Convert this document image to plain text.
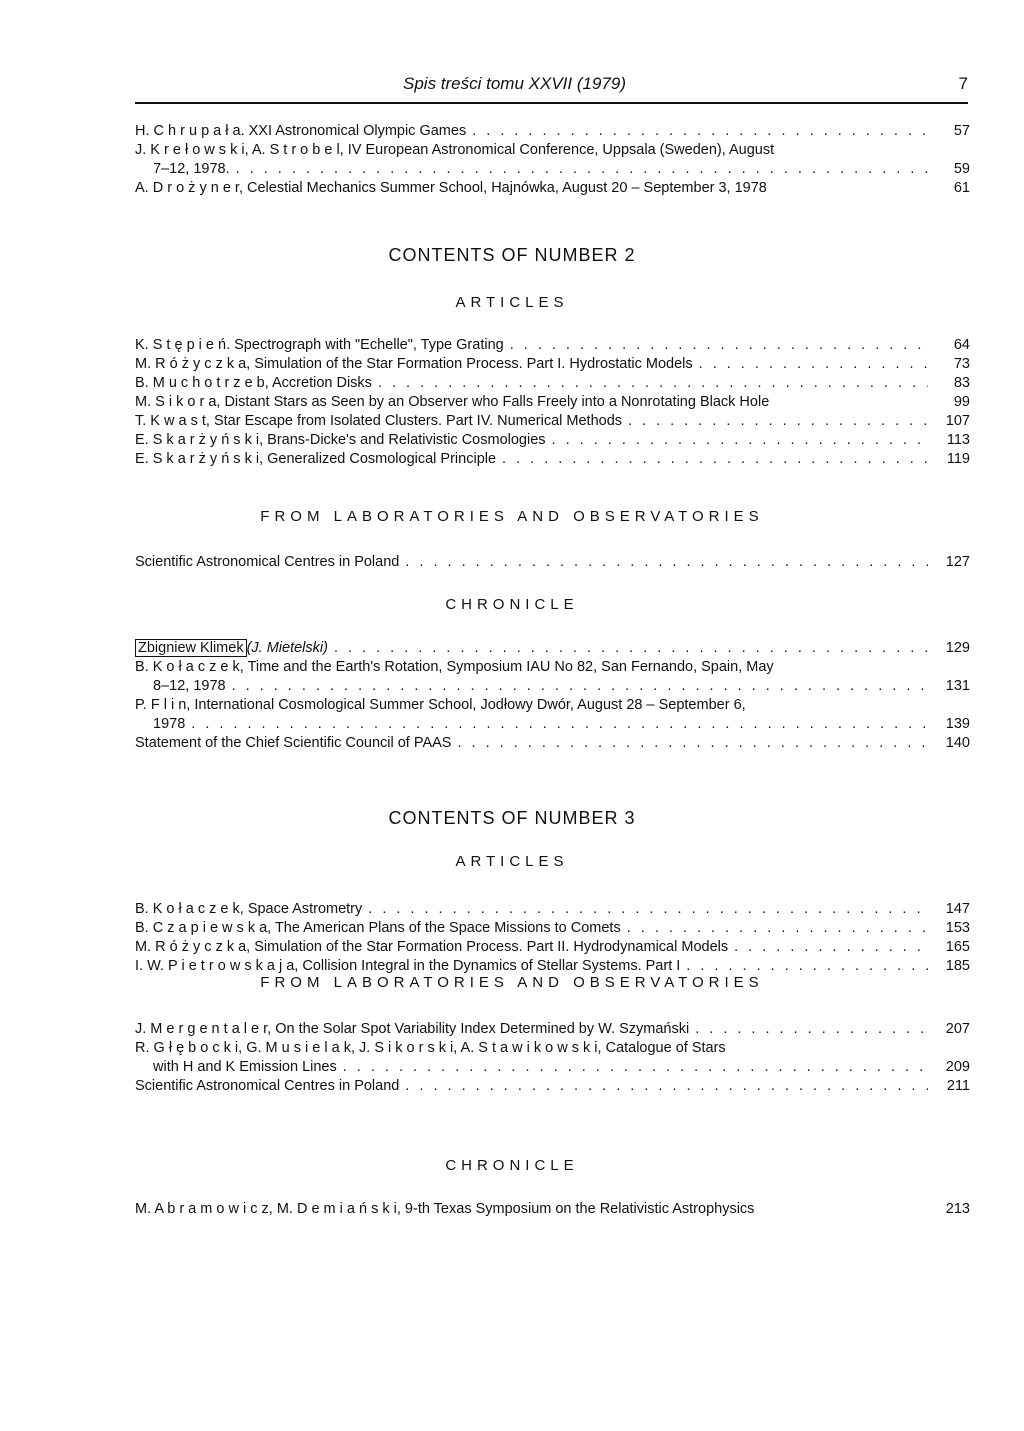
Spis treści tomu XXVII (1979)	7
H. C h r u p a ł a. XXI Astronomical Olympic Games . . .	57
J. K r e ł o w s k i, A. S t r o b e l, IV European Astronomical Conference, Uppsala (Sweden), August
7–12, 1978. . . .	59
A. D r o ż y n e r, Celestial Mechanics Summer School, Hajnówka, August 20 – September 3, 1978	61
CONTENTS OF NUMBER 2
ARTICLES
K. S t ę p i e ń. Spectrograph with "Echelle", Type Grating . . .	64
M. R ó ż y c z k a, Simulation of the Star Formation Process. Part I. Hydrostatic Models . . .	73
B. M u c h o t r z e b, Accretion Disks . . .	83
M. S i k o r a, Distant Stars as Seen by an Observer who Falls Freely into a Nonrotating Black Hole	99
T. K w a s t, Star Escape from Isolated Clusters. Part IV. Numerical Methods . . .	107
E. S k a r ż y ń s k i, Brans-Dicke's and Relativistic Cosmologies . . .	113
E. S k a r ż y ń s k i, Generalized Cosmological Principle . . .	119
FROM LABORATORIES AND OBSERVATORIES
Scientific Astronomical Centres in Poland . . .	127
CHRONICLE
Zbigniew Klimek (J. Mietelski) . . .	129
B. K o ł a c z e k, Time and the Earth's Rotation, Symposium IAU No 82, San Fernando, Spain, May
8–12, 1978 . . .	131
P. F l i n, International Cosmological Summer School, Jodłowy Dwór, August 28 – September 6,
1978 . . .	139
Statement of the Chief Scientific Council of PAAS . . .	140
CONTENTS OF NUMBER 3
ARTICLES
B. K o ł a c z e k, Space Astrometry . . .	147
B. C z a p i e w s k a, The American Plans of the Space Missions to Comets . . .	153
M. R ó ż y c z k a, Simulation of the Star Formation Process. Part II. Hydrodynamical Models . . .	165
I. W. P i e t r o w s k a j a, Collision Integral in the Dynamics of Stellar Systems. Part I . . .	185
FROM LABORATORIES AND OBSERVATORIES
J. M e r g e n t a l e r, On the Solar Spot Variability Index Determined by W. Szymański . . .	207
R. G ł ę b o c k i, G. M u s i e l a k, J. S i k o r s k i, A. S t a w i k o w s k i, Catalogue of Stars
with H and K Emission Lines . . .	209
Scientific Astronomical Centres in Poland . . .	211
CHRONICLE
M. A b r a m o w i c z, M. D e m i a ń s k i, 9-th Texas Symposium on the Relativistic Astrophysics	213
